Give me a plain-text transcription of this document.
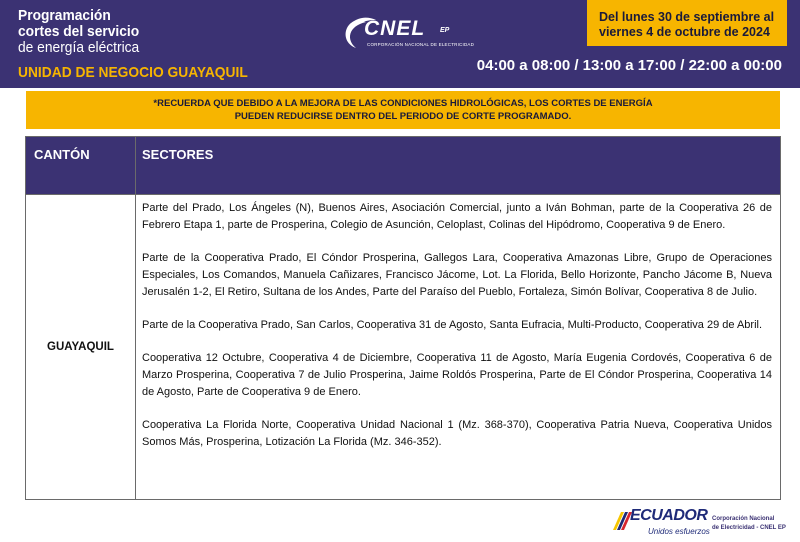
Programación
cortes del servicio
de energía eléctrica
UNIDAD DE NEGOCIO GUAYAQUIL
CNEL EP
CORPORACIÓN NACIONAL DE ELECTRICIDAD
04:00 a 08:00 / 13:00 a 17:00 / 22:00 a 00:00
Del lunes 30 de septiembre al
viernes 4 de octubre de 2024
*RECUERDA QUE DEBIDO A LA MEJORA DE LAS CONDICIONES HIDROLÓGICAS, LOS CORTES DE ENERGÍA
PUEDEN REDUCIRSE DENTRO DEL PERIODO DE CORTE PROGRAMADO.
CANTÓN	SECTORES
GUAYAQUIL

Parte del Prado, Los Ángeles (N), Buenos Aires, Asociación Comercial, junto a Iván Bohman, parte de la Cooperativa 26 de Febrero Etapa 1, parte de Prosperina, Colegio de Asunción, Celoplast, Colinas del Hipódromo, Cooperativa 9 de Enero.

Parte de la Cooperativa Prado, El Cóndor Prosperina, Gallegos Lara, Cooperativa Amazonas Libre, Grupo de Operaciones Especiales, Los Comandos, Manuela Cañizares, Francisco Jácome, Lot. La Florida, Bello Horizonte, Pancho Jácome B, Nueva Jerusalén 1-2, El Retiro, Sultana de los Andes, Parte del Paraíso del Pueblo, Fortaleza, Simón Bolívar, Cooperativa 8 de Julio.

Parte de la Cooperativa Prado, San Carlos, Cooperativa 31 de Agosto, Santa Eufracia, Multi-Producto, Cooperativa 29 de Abril.

Cooperativa 12 Octubre, Cooperativa 4 de Diciembre, Cooperativa 11 de Agosto, María Eugenia Cordovés, Cooperativa 6 de Marzo Prosperina, Cooperativa 7 de Julio Prosperina, Jaime Roldós Prosperina, Parte de El Cóndor Prosperina, Cooperativa 14 de Agosto, Parte de Cooperativa 9 de Enero.

Cooperativa La Florida Norte, Cooperativa Unidad Nacional 1 (Mz. 368-370), Cooperativa Patria Nueva, Cooperativa Unidos Somos Más, Prosperina, Lotización La Florida (Mz. 346-352).

ECUADOR
Unidos esfuerzos
Corporación Nacional
de Electricidad - CNEL EP
